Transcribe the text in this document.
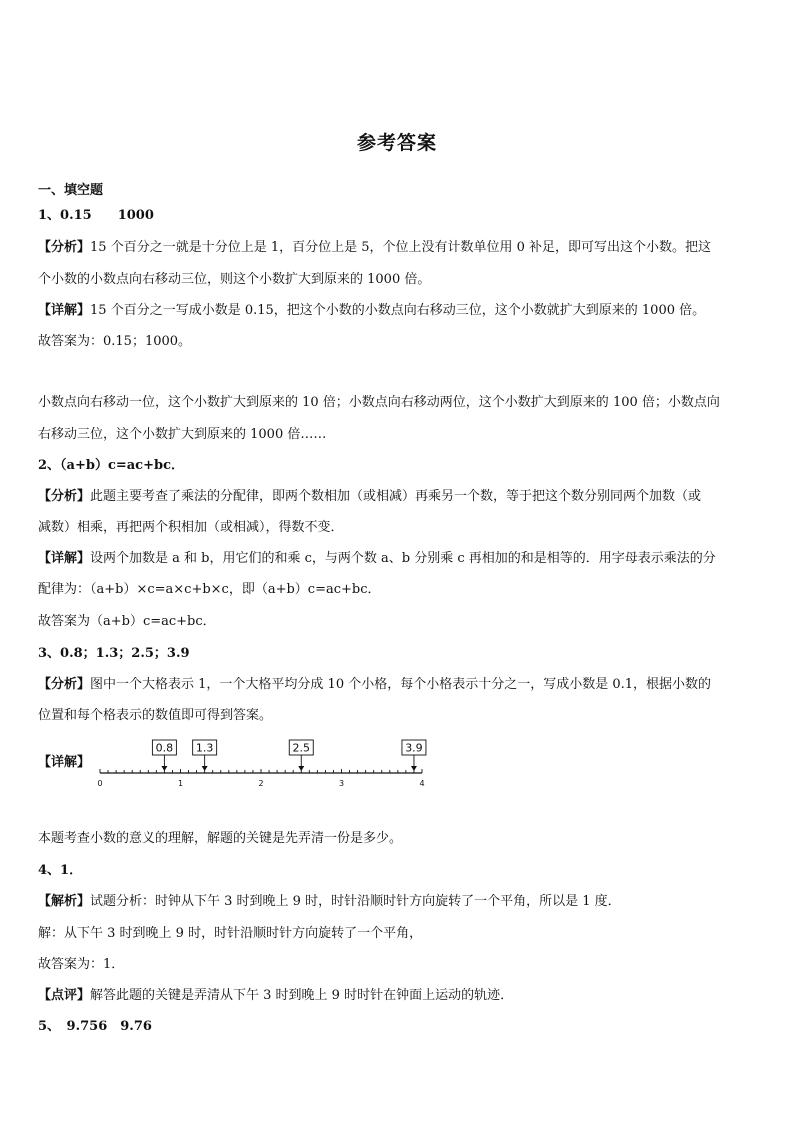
参考答案
一、填空题
1、0.15　　1000
【分析】15 个百分之一就是十分位上是 1，百分位上是 5，个位上没有计数单位用 0 补足，即可写出这个小数。把这
个小数的小数点向右移动三位，则这个小数扩大到原来的 1000 倍。
【详解】15 个百分之一写成小数是 0.15，把这个小数的小数点向右移动三位，这个小数就扩大到原来的 1000 倍。
故答案为：0.15；1000。
小数点向右移动一位，这个小数扩大到原来的 10 倍；小数点向右移动两位，这个小数扩大到原来的 100 倍；小数点向
右移动三位，这个小数扩大到原来的 1000 倍……
2、（a+b）c=ac+bc．
【分析】此题主要考查了乘法的分配律，即两个数相加（或相减）再乘另一个数，等于把这个数分别同两个加数（或
减数）相乘，再把两个积相加（或相减），得数不变．
【详解】设两个加数是 a 和 b，用它们的和乘 c，与两个数 a、b 分别乘 c 再相加的和是相等的．用字母表示乘法的分
配律为：（a+b）×c=a×c+b×c，即（a+b）c=ac+bc．
故答案为（a+b）c=ac+bc．
3、0.8；1.3；2.5；3.9
【分析】图中一个大格表示 1，一个大格平均分成 10 个小格，每个小格表示十分之一，写成小数是 0.1，根据小数的
位置和每个格表示的数值即可得到答案。
【详解】
0	1	2	3	4
0.8 1.3	2.5	3.9
本题考查小数的意义的理解，解题的关键是先弄清一份是多少。
4、1．
【解析】试题分析：时钟从下午 3 时到晚上 9 时，时针沿顺时针方向旋转了一个平角，所以是 1 度．
解：从下午 3 时到晚上 9 时，时针沿顺时针方向旋转了一个平角，
故答案为：1．
【点评】解答此题的关键是弄清从下午 3 时到晚上 9 时时针在钟面上运动的轨迹．
5、　9.756　9.76
